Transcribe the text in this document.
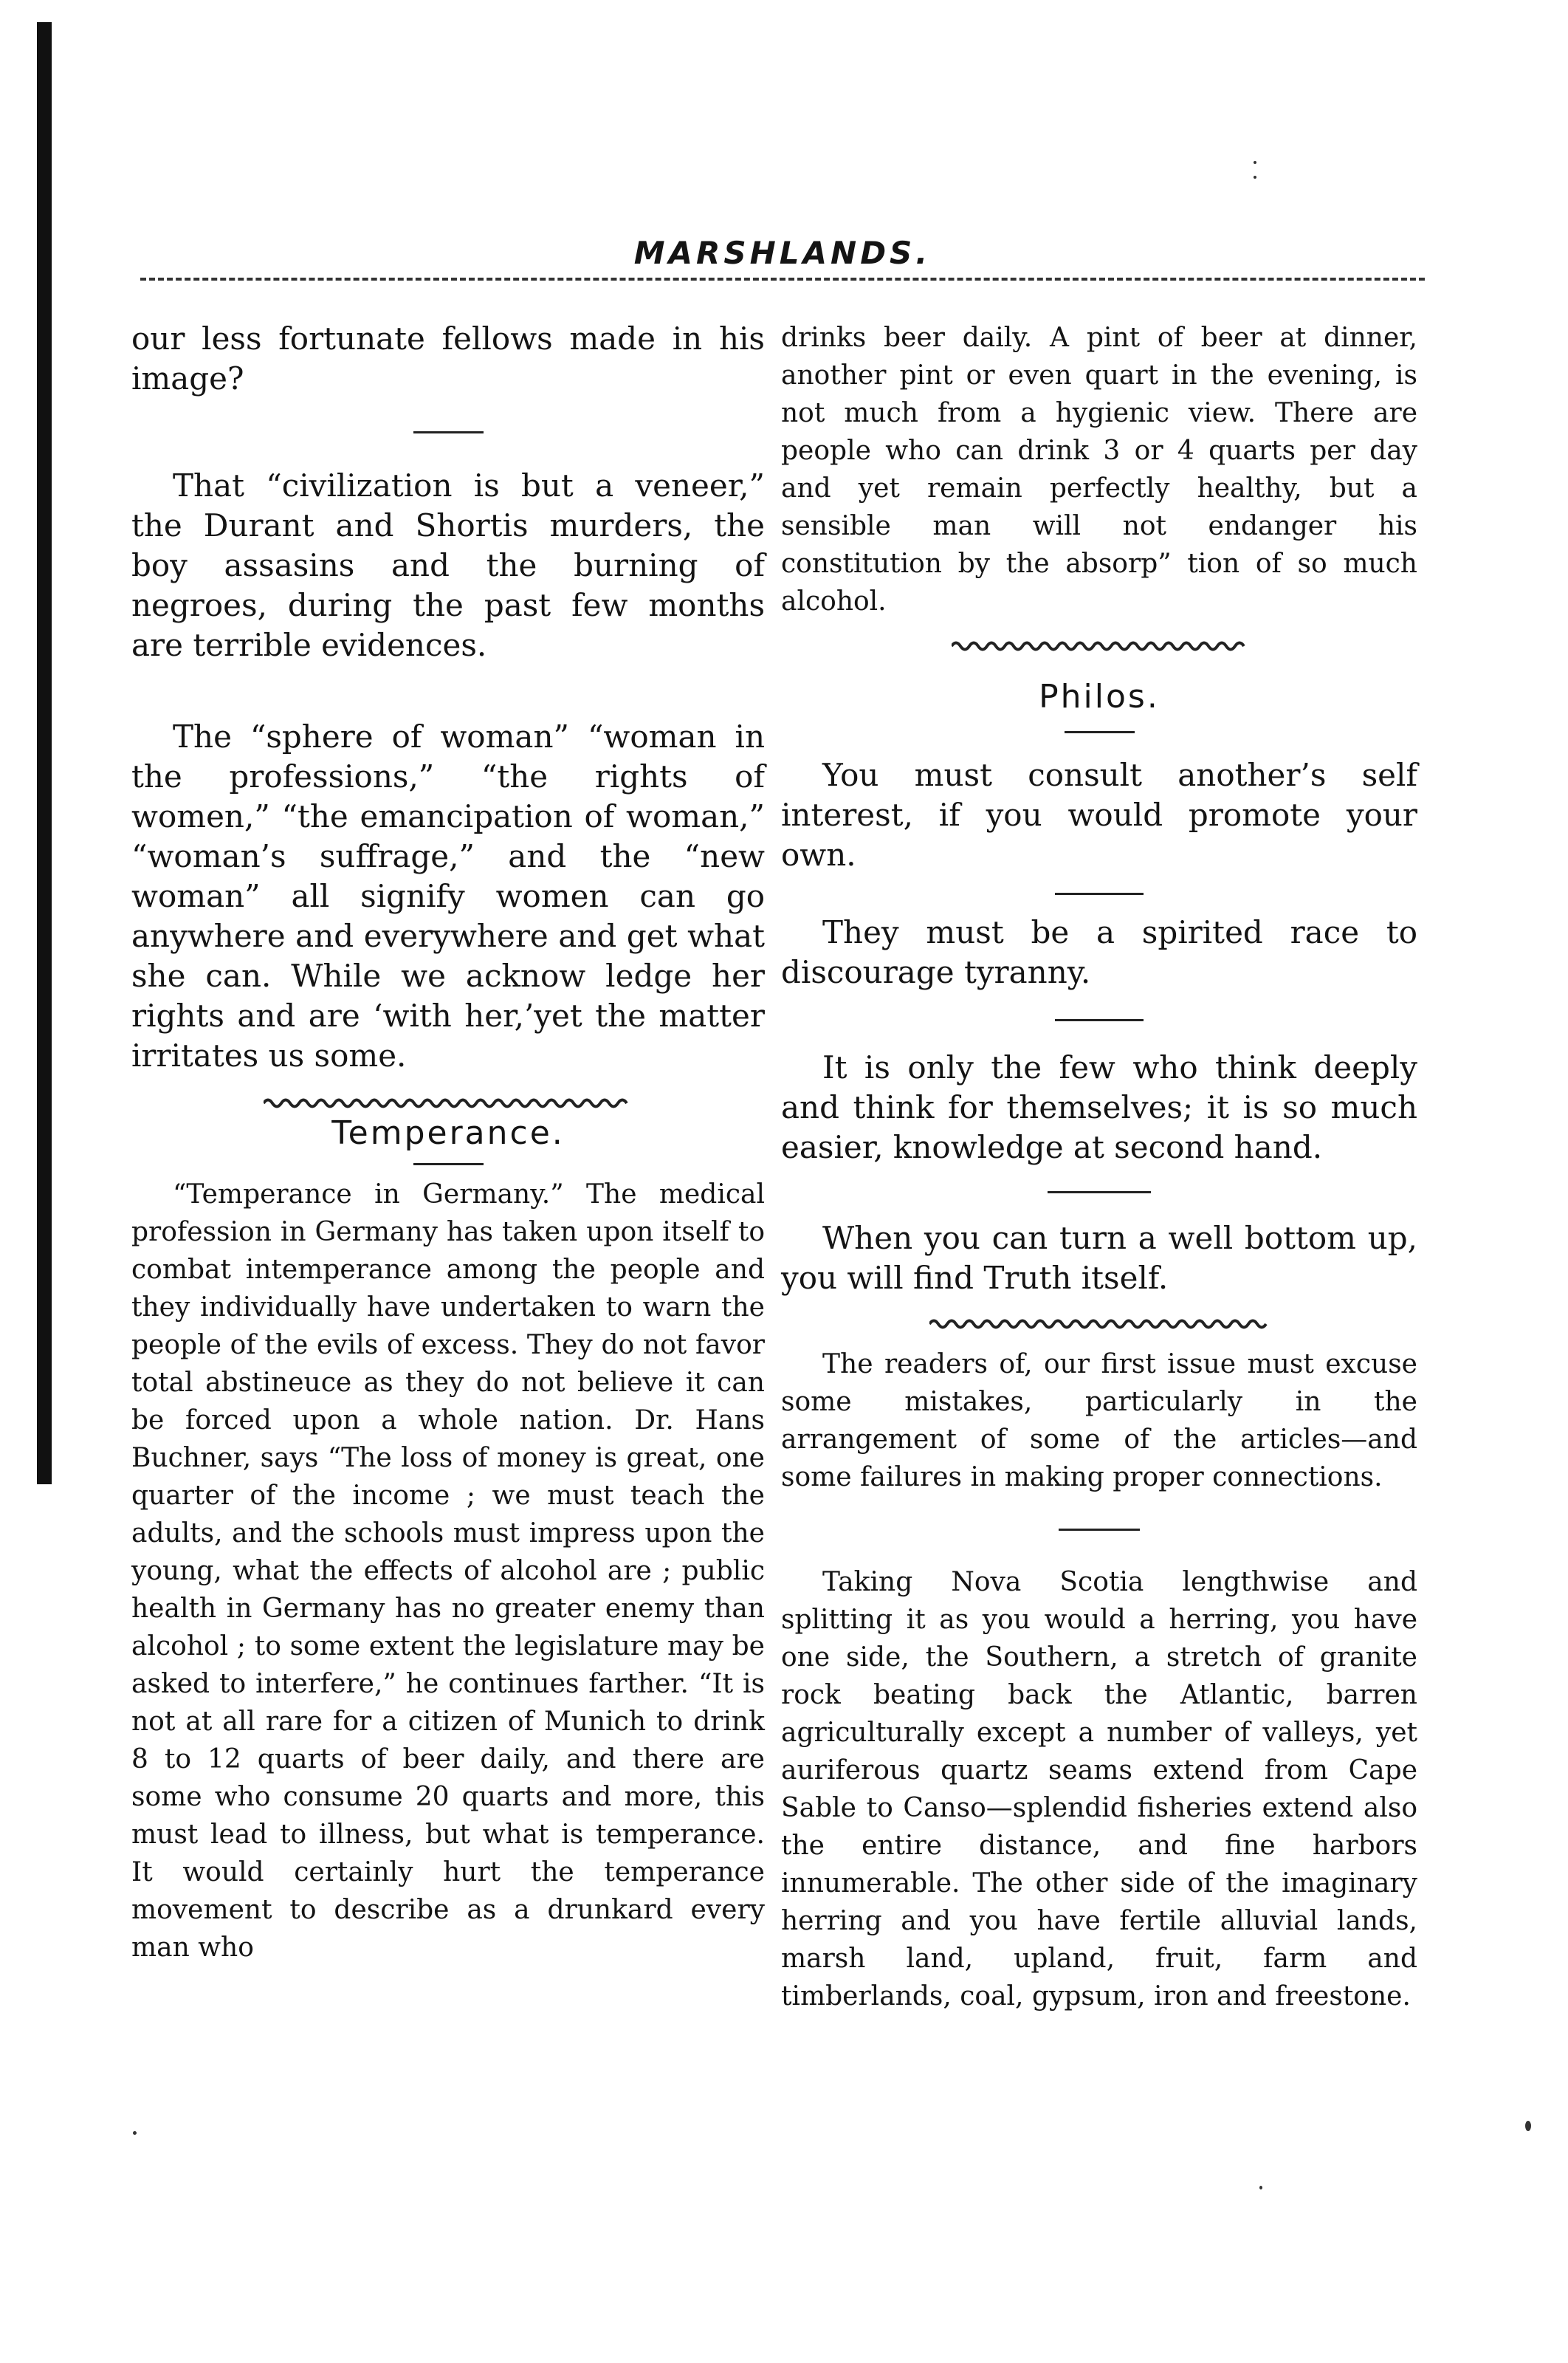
MARSHLANDS.

our less fortunate fellows made in his image?

That “civilization is but a veneer,” the Durant and Shortis murders, the boy assasins and the burning of negroes, during the past few months are terrible evidences.

The “sphere of woman” “woman in the professions,” “the rights of women,” “the emancipation of woman,” “woman’s suffrage,” and the “new woman” all signify women can go anywhere and everywhere and get what she can. While we acknow ledge her rights and are ‘with her,’yet the matter irritates us some.

Temperance.

“Temperance in Germany.” The medical profession in Germany has taken upon itself to combat intemperance among the people and they individually have undertaken to warn the people of the evils of excess. They do not favor total abstineuce as they do not believe it can be forced upon a whole nation. Dr. Hans Buchner, says “The loss of money is great, one quarter of the income ; we must teach the adults, and the schools must impress upon the young, what the effects of alcohol are ; public health in Germany has no greater enemy than alcohol ; to some extent the legislature may be asked to interfere,” he continues farther. “It is not at all rare for a citizen of Munich to drink 8 to 12 quarts of beer daily, and there are some who consume 20 quarts and more, this must lead to illness, but what is temperance. It would certainly hurt the temperance movement to describe as a drunkard every man who

drinks beer daily. A pint of beer at dinner, another pint or even quart in the evening, is not much from a hygienic view. There are people who can drink 3 or 4 quarts per day and yet remain perfectly healthy, but a sensible man will not endanger his constitution by the absorp” tion of so much alcohol.

Philos.

You must consult another’s self interest, if you would promote your own.

They must be a spirited race to discourage tyranny.

It is only the few who think deeply and think for themselves; it is so much easier, knowledge at second hand.

When you can turn a well bottom up, you will find Truth itself.

The readers of, our first issue must excuse some mistakes, particularly in the arrangement of some of the articles—and some failures in making proper connections.

Taking Nova Scotia lengthwise and splitting it as you would a herring, you have one side, the Southern, a stretch of granite rock beating back the Atlantic, barren agriculturally except a number of valleys, yet auriferous quartz seams extend from Cape Sable to Canso—splendid fisheries extend also the entire distance, and fine harbors innumerable. The other side of the imaginary herring and you have fertile alluvial lands, marsh land, upland, fruit, farm and timberlands, coal, gypsum, iron and freestone.
